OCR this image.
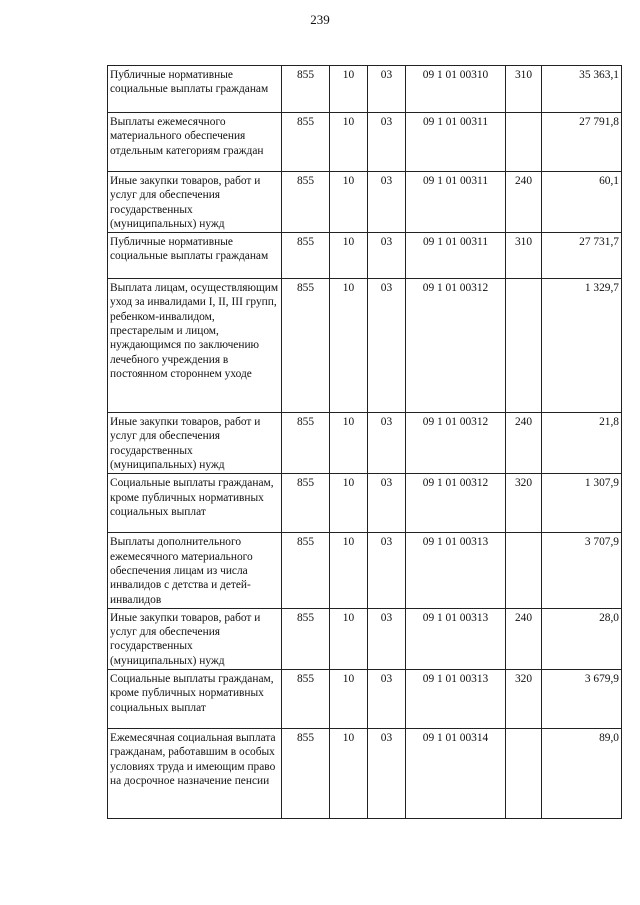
239
Публичные нормативные социальные выплаты гражданам	855	10	03	09 1 01 00310	310	35 363,1
Выплаты ежемесячного материального обеспечения отдельным категориям граждан	855	10	03	09 1 01 00311		27 791,8
Иные закупки товаров, работ и услуг для обеспечения государственных (муниципальных) нужд	855	10	03	09 1 01 00311	240	60,1
Публичные нормативные социальные выплаты гражданам	855	10	03	09 1 01 00311	310	27 731,7
Выплата лицам, осуществляющим уход за инвалидами I, II, III групп, ребенком-инвалидом, престарелым и лицом, нуждающимся по заключению лечебного учреждения в постоянном стороннем уходе	855	10	03	09 1 01 00312		1 329,7
Иные закупки товаров, работ и услуг для обеспечения государственных (муниципальных) нужд	855	10	03	09 1 01 00312	240	21,8
Социальные выплаты гражданам, кроме публичных нормативных социальных выплат	855	10	03	09 1 01 00312	320	1 307,9
Выплаты дополнительного ежемесячного материального обеспечения лицам из числа инвалидов с детства и детей-инвалидов	855	10	03	09 1 01 00313		3 707,9
Иные закупки товаров, работ и услуг для обеспечения государственных (муниципальных) нужд	855	10	03	09 1 01 00313	240	28,0
Социальные выплаты гражданам, кроме публичных нормативных социальных выплат	855	10	03	09 1 01 00313	320	3 679,9
Ежемесячная социальная выплата гражданам, работавшим в особых условиях труда и имеющим право на досрочное назначение пенсии	855	10	03	09 1 01 00314		89,0
